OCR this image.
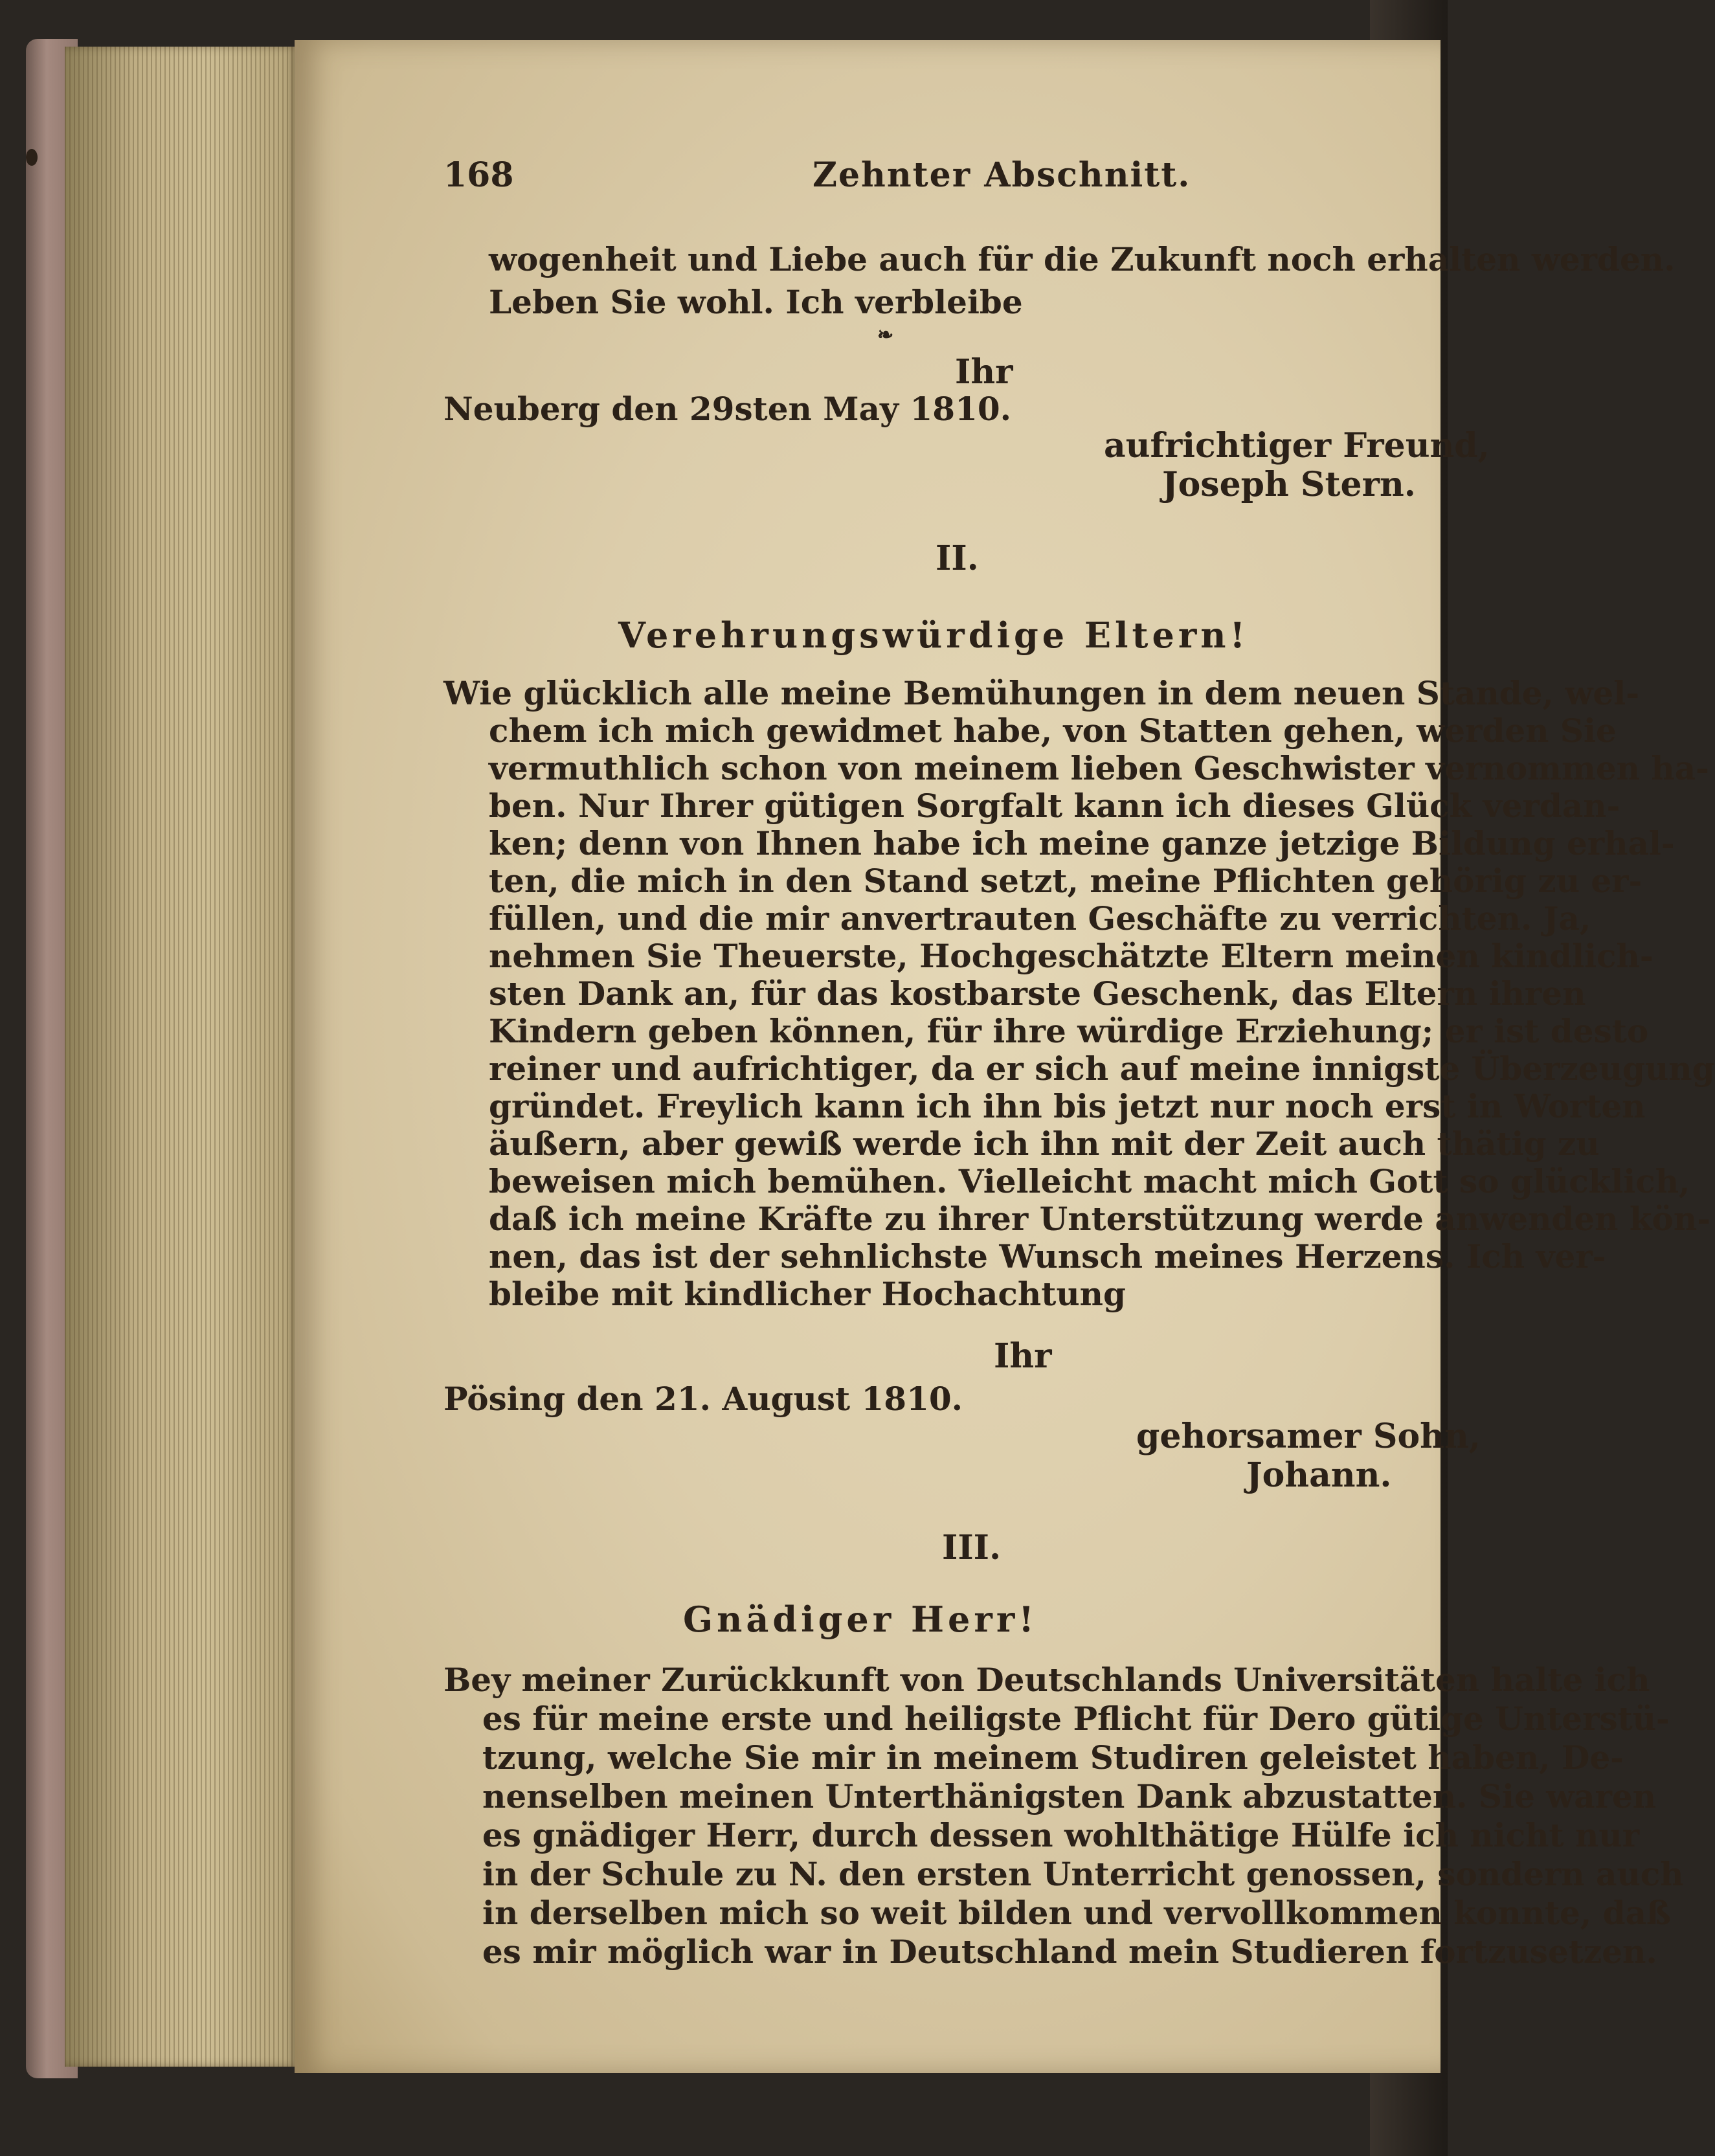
168	Zehnter Abschnitt.
wogenheit und Liebe auch für die Zukunft noch erhalten werden.
Leben Sie wohl. Ich verbleibe
❧
Ihr
Neuberg den 29sten May 1810.
aufrichtiger Freund,
Joseph Stern.
II.
Verehrungswürdige Eltern!
Wie glücklich alle meine Bemühungen in dem neuen Stande, wel-
chem ich mich gewidmet habe, von Statten gehen, werden Sie
vermuthlich schon von meinem lieben Geschwister vernommen ha-
ben. Nur Ihrer gütigen Sorgfalt kann ich dieses Glück verdan-
ken; denn von Ihnen habe ich meine ganze jetzige Bildung erhal-
ten, die mich in den Stand setzt, meine Pflichten gehörig zu er-
füllen, und die mir anvertrauten Geschäfte zu verrichten. Ja,
nehmen Sie Theuerste, Hochgeschätzte Eltern meinen kindlich-
sten Dank an, für das kostbarste Geschenk, das Eltern ihren
Kindern geben können, für ihre würdige Erziehung; er ist desto
reiner und aufrichtiger, da er sich auf meine innigste Überzeugung
gründet. Freylich kann ich ihn bis jetzt nur noch erst in Worten
äußern, aber gewiß werde ich ihn mit der Zeit auch thätig zu
beweisen mich bemühen. Vielleicht macht mich Gott so glücklich,
daß ich meine Kräfte zu ihrer Unterstützung werde anwenden kön-
nen, das ist der sehnlichste Wunsch meines Herzens. Ich ver-
bleibe mit kindlicher Hochachtung
Ihr
Pösing den 21. August 1810.
gehorsamer Sohn,
Johann.
III.
Gnädiger Herr!
Bey meiner Zurückkunft von Deutschlands Universitäten halte ich
es für meine erste und heiligste Pflicht für Dero gütige Unterstü-
tzung, welche Sie mir in meinem Studiren geleistet haben, De-
nenselben meinen Unterthänigsten Dank abzustatten. Sie waren
es gnädiger Herr, durch dessen wohlthätige Hülfe ich nicht nur
in der Schule zu N. den ersten Unterricht genossen, sondern auch
in derselben mich so weit bilden und vervollkommen konnte, daß
es mir möglich war in Deutschland mein Studieren fortzusetzen.
